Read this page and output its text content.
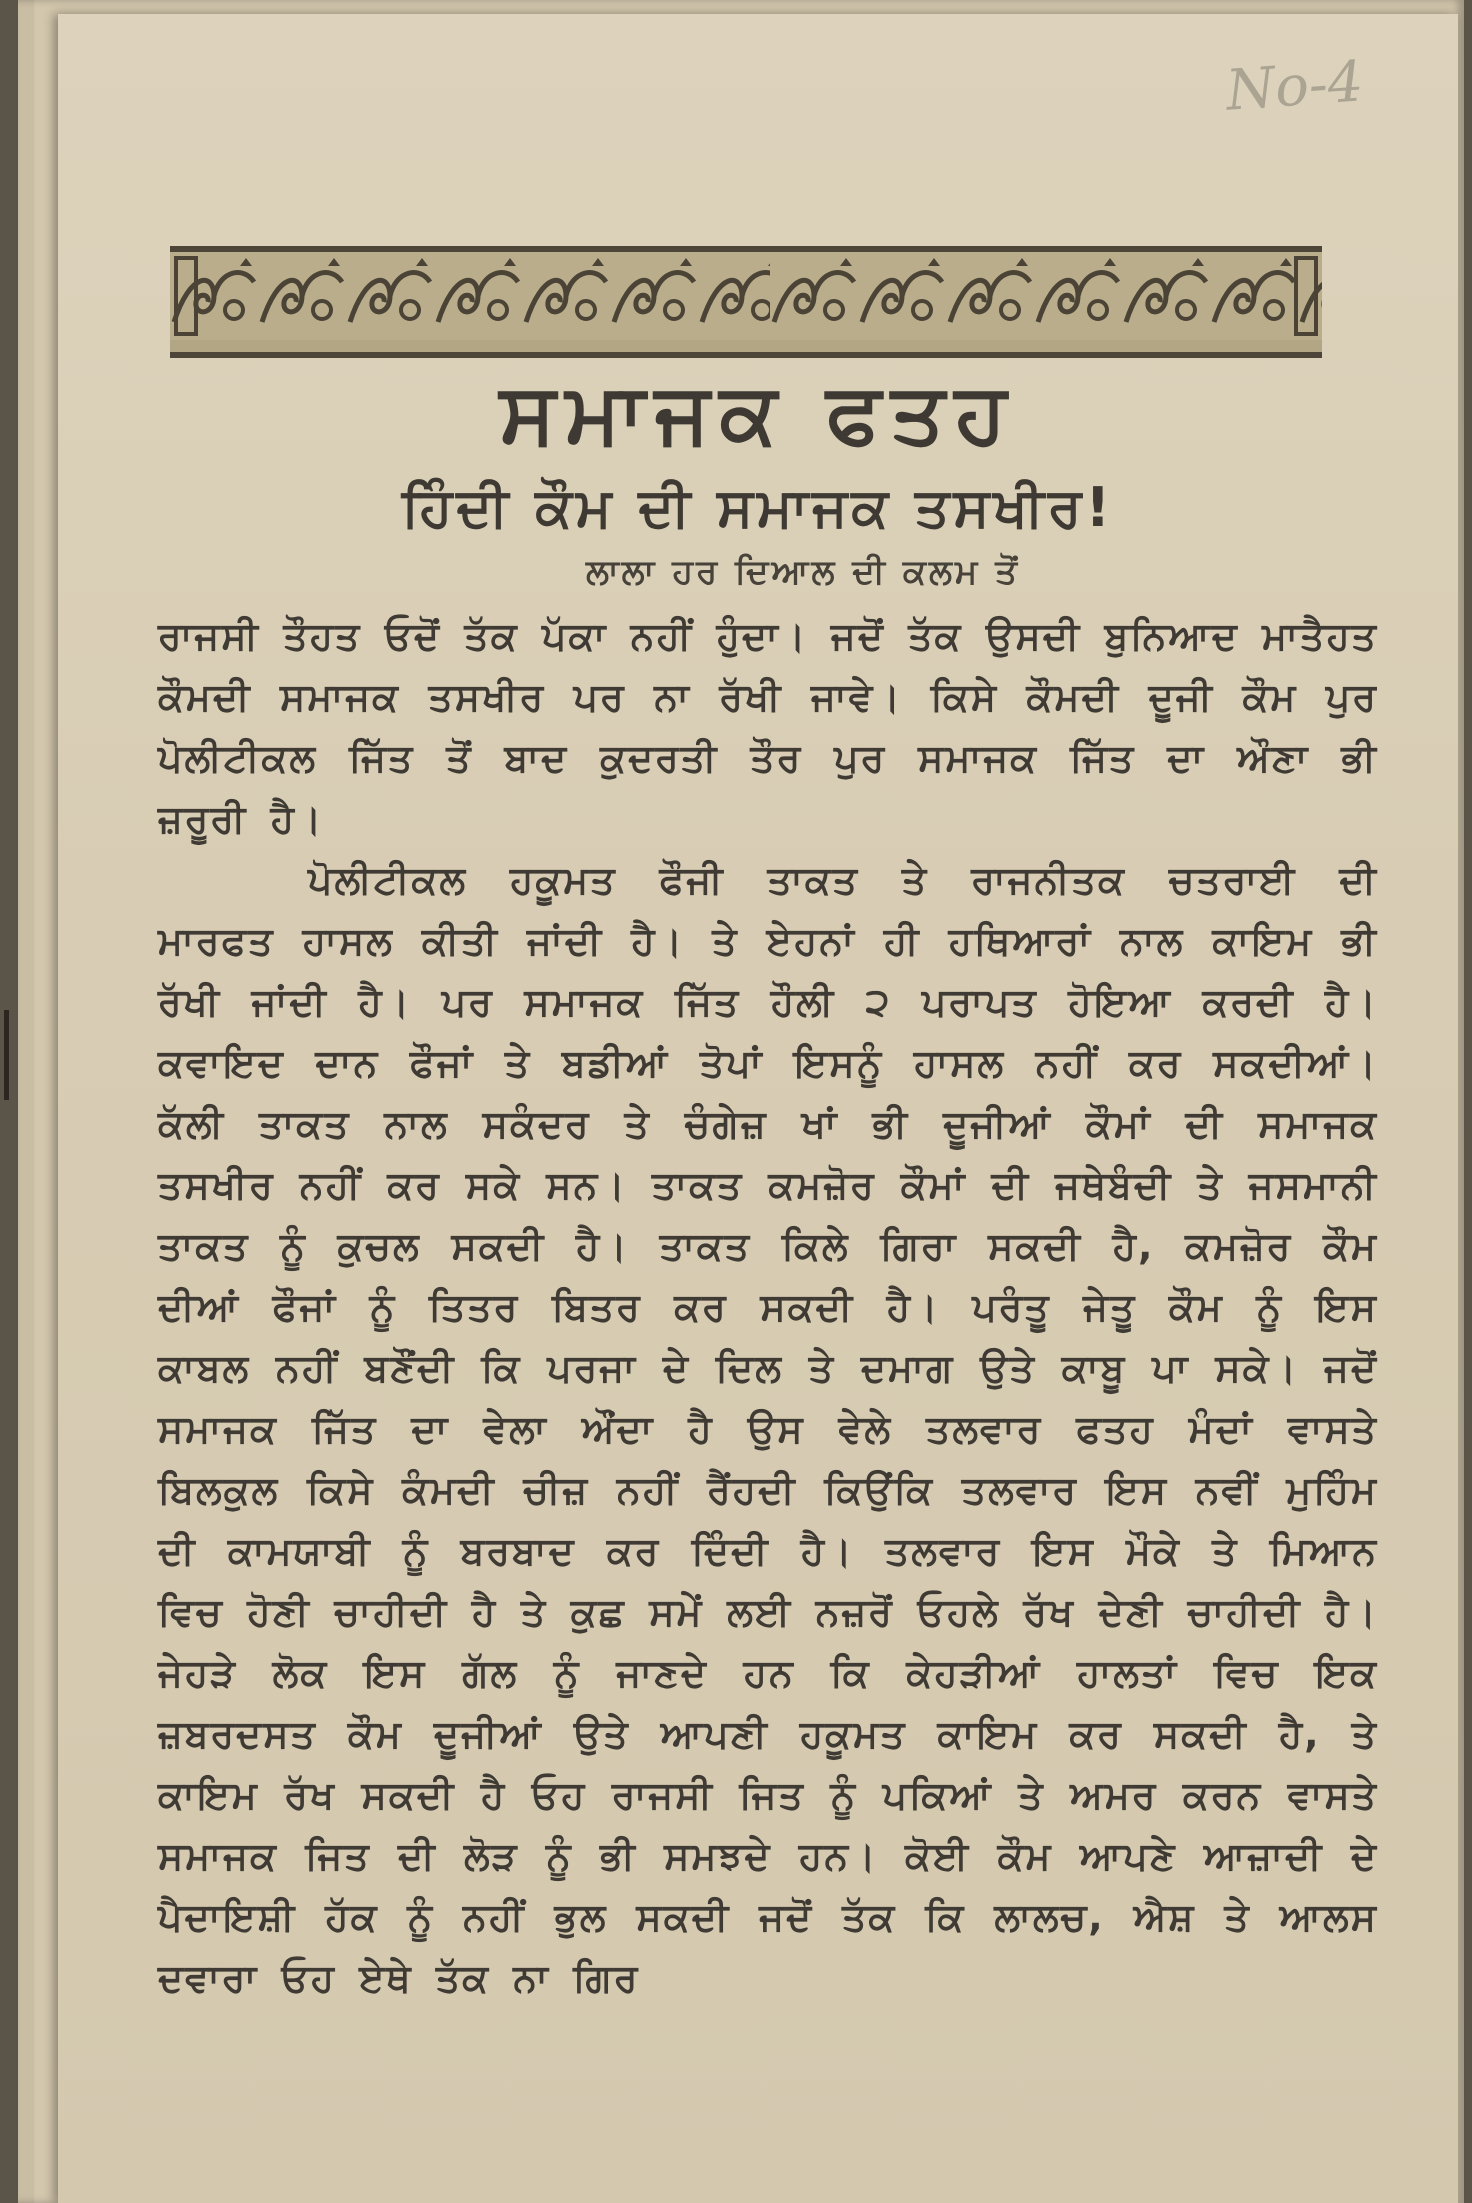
No-4
ਸਮਾਜਕ ਫਤਹ
ਹਿੰਦੀ ਕੌਮ ਦੀ ਸਮਾਜਕ ਤਸਖੀਰ!
ਲਾਲਾ ਹਰ ਦਿਆਲ ਦੀ ਕਲਮ ਤੋਂ

ਰਾਜਸੀ ਤੌਹਤ ਓਦੋਂ ਤੱਕ ਪੱਕਾ ਨਹੀਂ ਹੁੰਦਾ। ਜਦੋਂ ਤੱਕ ਉਸਦੀ ਬੁਨਿਆਦ ਮਾਤੈਹਤ ਕੌਮਦੀ ਸਮਾਜਕ ਤਸਖੀਰ ਪਰ ਨਾ ਰੱਖੀ ਜਾਵੇ। ਕਿਸੇ ਕੌਮਦੀ ਦੂਜੀ ਕੌਮ ਪੁਰ ਪੋਲੀਟੀਕਲ ਜਿੱਤ ਤੋਂ ਬਾਦ ਕੁਦਰਤੀ ਤੌਰ ਪੁਰ ਸਮਾਜਕ ਜਿੱਤ ਦਾ ਔਣਾ ਭੀ ਜ਼ਰੂਰੀ ਹੈ।

ਪੋਲੀਟੀਕਲ ਹਕੂਮਤ ਫੌਜੀ ਤਾਕਤ ਤੇ ਰਾਜਨੀਤਕ ਚਤਰਾਈ ਦੀ ਮਾਰਫਤ ਹਾਸਲ ਕੀਤੀ ਜਾਂਦੀ ਹੈ। ਤੇ ਏਹਨਾਂ ਹੀ ਹਥਿਆਰਾਂ ਨਾਲ ਕਾਇਮ ਭੀ ਰੱਖੀ ਜਾਂਦੀ ਹੈ। ਪਰ ਸਮਾਜਕ ਜਿੱਤ ਹੌਲੀ ੨ ਪਰਾਪਤ ਹੋਇਆ ਕਰਦੀ ਹੈ। ਕਵਾਇਦ ਦਾਨ ਫੌਜਾਂ ਤੇ ਬਡੀਆਂ ਤੋਪਾਂ ਇਸਨੂੰ ਹਾਸਲ ਨਹੀਂ ਕਰ ਸਕਦੀਆਂ। ਕੱਲੀ ਤਾਕਤ ਨਾਲ ਸਕੰਦਰ ਤੇ ਚੰਗੇਜ਼ ਖਾਂ ਭੀ ਦੂਜੀਆਂ ਕੌਮਾਂ ਦੀ ਸਮਾਜਕ ਤਸਖੀਰ ਨਹੀਂ ਕਰ ਸਕੇ ਸਨ। ਤਾਕਤ ਕਮਜ਼ੋਰ ਕੌਮਾਂ ਦੀ ਜਥੇਬੰਦੀ ਤੇ ਜਸਮਾਨੀ ਤਾਕਤ ਨੂੰ ਕੁਚਲ ਸਕਦੀ ਹੈ। ਤਾਕਤ ਕਿਲੇ ਗਿਰਾ ਸਕਦੀ ਹੈ, ਕਮਜ਼ੋਰ ਕੌਮ ਦੀਆਂ ਫੌਜਾਂ ਨੂੰ ਤਿਤਰ ਬਿਤਰ ਕਰ ਸਕਦੀ ਹੈ। ਪਰੰਤੂ ਜੇਤੂ ਕੌਮ ਨੂੰ ਇਸ ਕਾਬਲ ਨਹੀਂ ਬਣੌਂਦੀ ਕਿ ਪਰਜਾ ਦੇ ਦਿਲ ਤੇ ਦਮਾਗ ਉਤੇ ਕਾਬੂ ਪਾ ਸਕੇ। ਜਦੋਂ ਸਮਾਜਕ ਜਿੱਤ ਦਾ ਵੇਲਾ ਔਂਦਾ ਹੈ ਉਸ ਵੇਲੇ ਤਲਵਾਰ ਫਤਹ ਮੰਦਾਂ ਵਾਸਤੇ ਬਿਲਕੁਲ ਕਿਸੇ ਕੰਮਦੀ ਚੀਜ਼ ਨਹੀਂ ਰੈਂਹਦੀ ਕਿਉਂਕਿ ਤਲਵਾਰ ਇਸ ਨਵੀਂ ਮੁਹਿੰਮ ਦੀ ਕਾਮਯਾਬੀ ਨੂੰ ਬਰਬਾਦ ਕਰ ਦਿੰਦੀ ਹੈ। ਤਲਵਾਰ ਇਸ ਮੌਕੇ ਤੇ ਮਿਆਨ ਵਿਚ ਹੋਣੀ ਚਾਹੀਦੀ ਹੈ ਤੇ ਕੁਛ ਸਮੇਂ ਲਈ ਨਜ਼ਰੋਂ ਓਹਲੇ ਰੱਖ ਦੇਣੀ ਚਾਹੀਦੀ ਹੈ। ਜੇਹੜੇ ਲੋਕ ਇਸ ਗੱਲ ਨੂੰ ਜਾਣਦੇ ਹਨ ਕਿ ਕੇਹੜੀਆਂ ਹਾਲਤਾਂ ਵਿਚ ਇਕ ਜ਼ਬਰਦਸਤ ਕੌਮ ਦੂਜੀਆਂ ਉਤੇ ਆਪਣੀ ਹਕੂਮਤ ਕਾਇਮ ਕਰ ਸਕਦੀ ਹੈ, ਤੇ ਕਾਇਮ ਰੱਖ ਸਕਦੀ ਹੈ ਓਹ ਰਾਜਸੀ ਜਿਤ ਨੂੰ ਪਕਿਆਂ ਤੇ ਅਮਰ ਕਰਨ ਵਾਸਤੇ ਸਮਾਜਕ ਜਿਤ ਦੀ ਲੋੜ ਨੂੰ ਭੀ ਸਮਝਦੇ ਹਨ। ਕੋਈ ਕੌਮ ਆਪਣੇ ਆਜ਼ਾਦੀ ਦੇ ਪੈਦਾਇਸ਼ੀ ਹੱਕ ਨੂੰ ਨਹੀਂ ਭੁਲ ਸਕਦੀ ਜਦੋਂ ਤੱਕ ਕਿ ਲਾਲਚ, ਐਸ਼ ਤੇ ਆਲਸ ਦਵਾਰਾ ਓਹ ਏਥੇ ਤੱਕ ਨਾ ਗਿਰ
